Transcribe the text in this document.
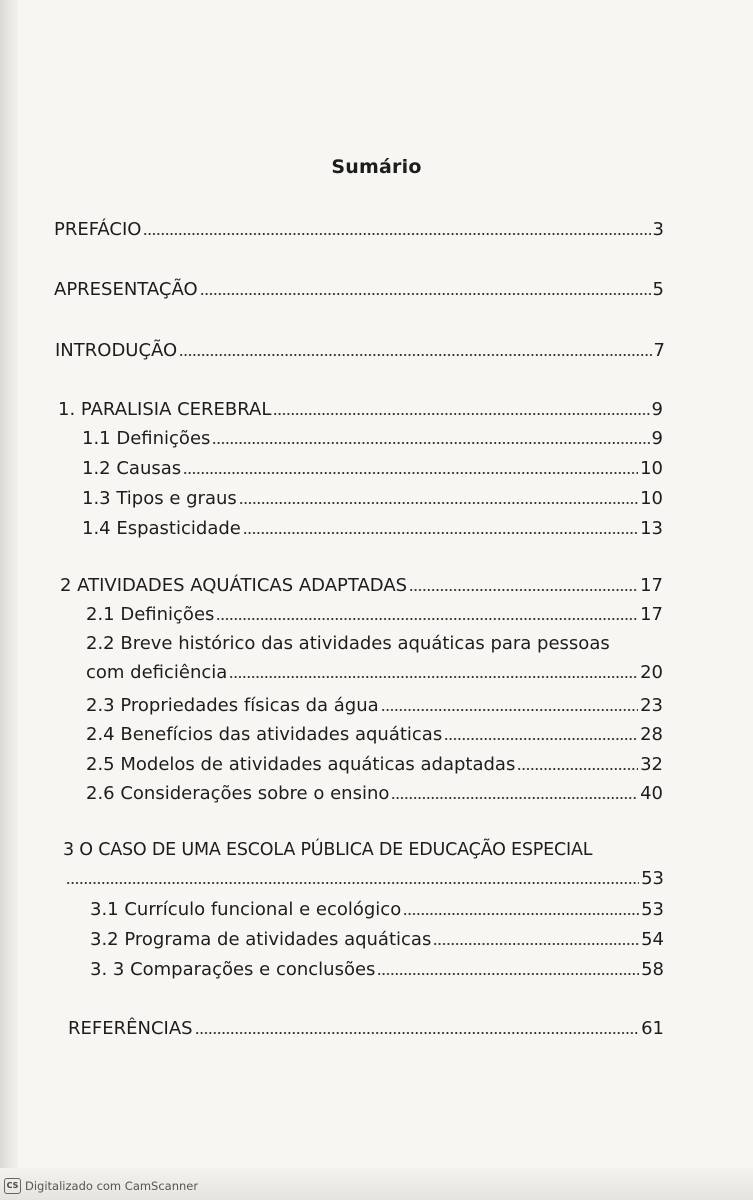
Sumário
PREFÁCIO	3
APRESENTAÇÃO	5
INTRODUÇÃO	7
1. PARALISIA CEREBRAL	9
1.1 Definições	9
1.2 Causas	10
1.3 Tipos e graus	10
1.4 Espasticidade	13
2 ATIVIDADES AQUÁTICAS ADAPTADAS	17
2.1 Definições	17
2.2 Breve histórico das atividades aquáticas para pessoas
com deficiência	20
2.3 Propriedades físicas da água	23
2.4 Benefícios das atividades aquáticas	28
2.5 Modelos de atividades aquáticas adaptadas	32
2.6 Considerações sobre o ensino	40
3 O CASO DE UMA ESCOLA PÚBLICA DE EDUCAÇÃO ESPECIAL
53
3.1 Currículo funcional e ecológico	53
3.2 Programa de atividades aquáticas	54
3. 3 Comparações e conclusões	58
REFERÊNCIAS	61
CS Digitalizado com CamScanner
